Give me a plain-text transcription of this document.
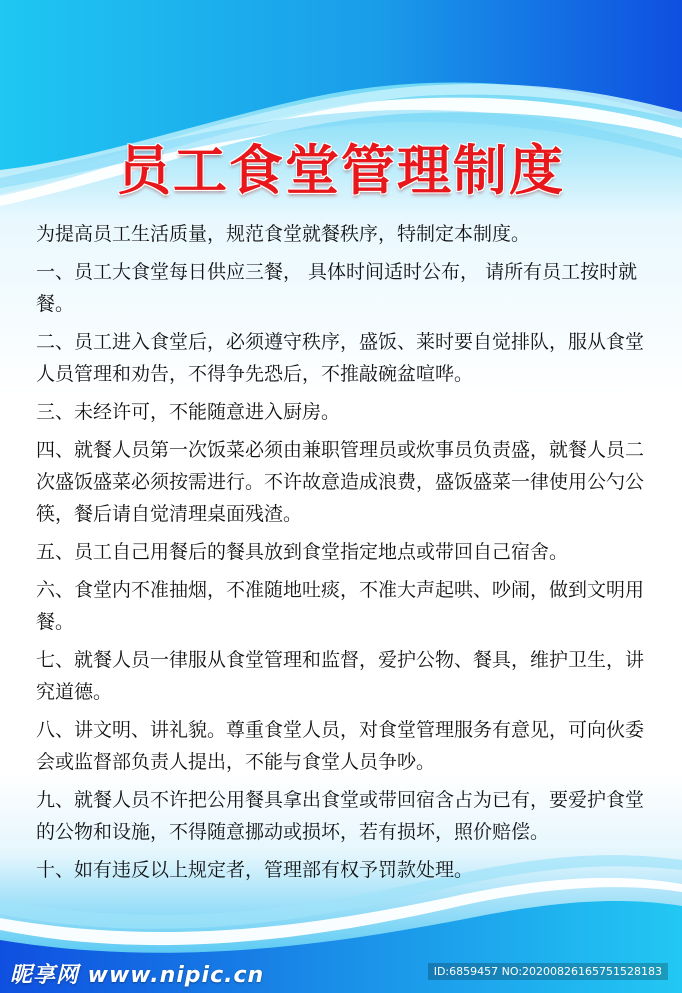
员工食堂管理制度

为提高员工生活质量，规范食堂就餐秩序，特制定本制度。

一、员工大食堂每日供应三餐， 具体时间适时公布， 请所有员工按时就餐。

二、员工进入食堂后，必须遵守秩序，盛饭、莱时要自觉排队，服从食堂人员管理和劝告，不得争先恐后，不推敲碗盆喧哗。

三、未经许可，不能随意进入厨房。

四、就餐人员第一次饭菜必须由兼职管理员或炊事员负责盛，就餐人员二次盛饭盛菜必须按需进行。不许故意造成浪费，盛饭盛菜一律使用公勺公筷，餐后请自觉清理桌面残渣。

五、员工自己用餐后的餐具放到食堂指定地点或带回自己宿舍。

六、食堂内不准抽烟，不准随地吐痰，不准大声起哄、吵闹，做到文明用餐。

七、就餐人员一律服从食堂管理和监督，爱护公物、餐具，维护卫生，讲究道德。

八、讲文明、讲礼貌。尊重食堂人员，对食堂管理服务有意见，可向伙委会或监督部负责人提出，不能与食堂人员争吵。

九、就餐人员不许把公用餐具拿出食堂或带回宿含占为已有，要爱护食堂的公物和设施，不得随意挪动或损坏，若有损坏，照价赔偿。

十、如有违反以上规定者，管理部有权予罚款处理。

昵享网 www.nipic.cn	ID:6859457 NO:20200826165751528183
